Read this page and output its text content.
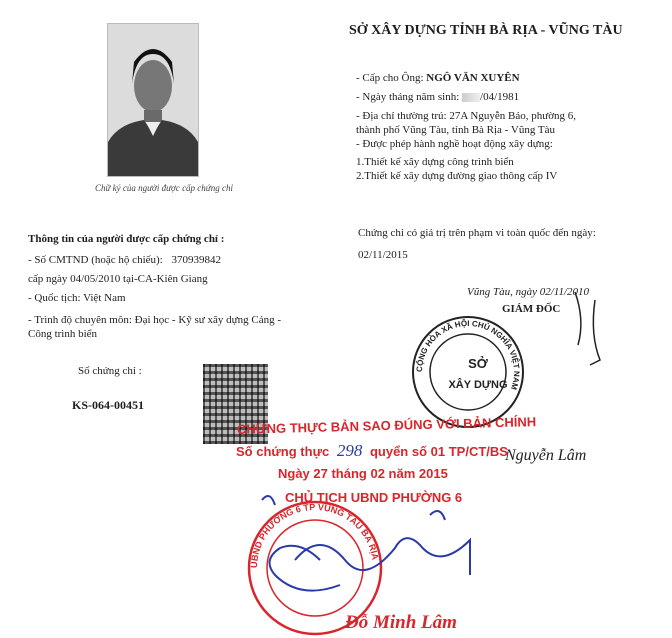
Chữ ký của người được cấp chứng chỉ
SỞ XÂY DỰNG TỈNH BÀ RỊA - VŨNG TÀU
- Cấp cho Ông: NGÔ VĂN XUYÊN
- Ngày tháng năm sinh: /04/1981
- Địa chỉ thường trú: 27A Nguyễn Bảo, phường 6,
thành phố Vũng Tàu, tỉnh Bà Rịa - Vũng Tàu
- Được phép hành nghề hoạt động xây dựng:
1.Thiết kế xây dựng công trình biển
2.Thiết kế xây dựng đường giao thông cấp IV
Chứng chỉ có giá trị trên phạm vi toàn quốc đến ngày:
02/11/2015
Thông tin của người được cấp chứng chỉ :
- Số CMTND (hoặc hộ chiếu): 370939842
cấp ngày 04/05/2010 tại-CA-Kiên Giang
- Quốc tịch: Việt Nam
- Trình độ chuyên môn: Đại học - Kỹ sư xây dựng Cảng -
Công trình biển
Số chứng chỉ :
KS-064-00451
Vũng Tàu, ngày 02/11/2010
GIÁM ĐỐC
CỘNG HÒA XÃ HỘI CHỦ NGHĨA VIỆT NAM
SỞ
XÂY DỰNG
CHỨNG THỰC BẢN SAO ĐÚNG VỚI BẢN CHÍNH
Số chứng thực 298 quyển số 01 TP/CT/BS
Ngày 27 tháng 02 năm 2015
CHỦ TỊCH UBND PHƯỜNG 6
Nguyễn Lâm
UBND PHƯỜNG 6 TP VŨNG TÀU BÀ RỊA
Đỗ Minh Lâm
